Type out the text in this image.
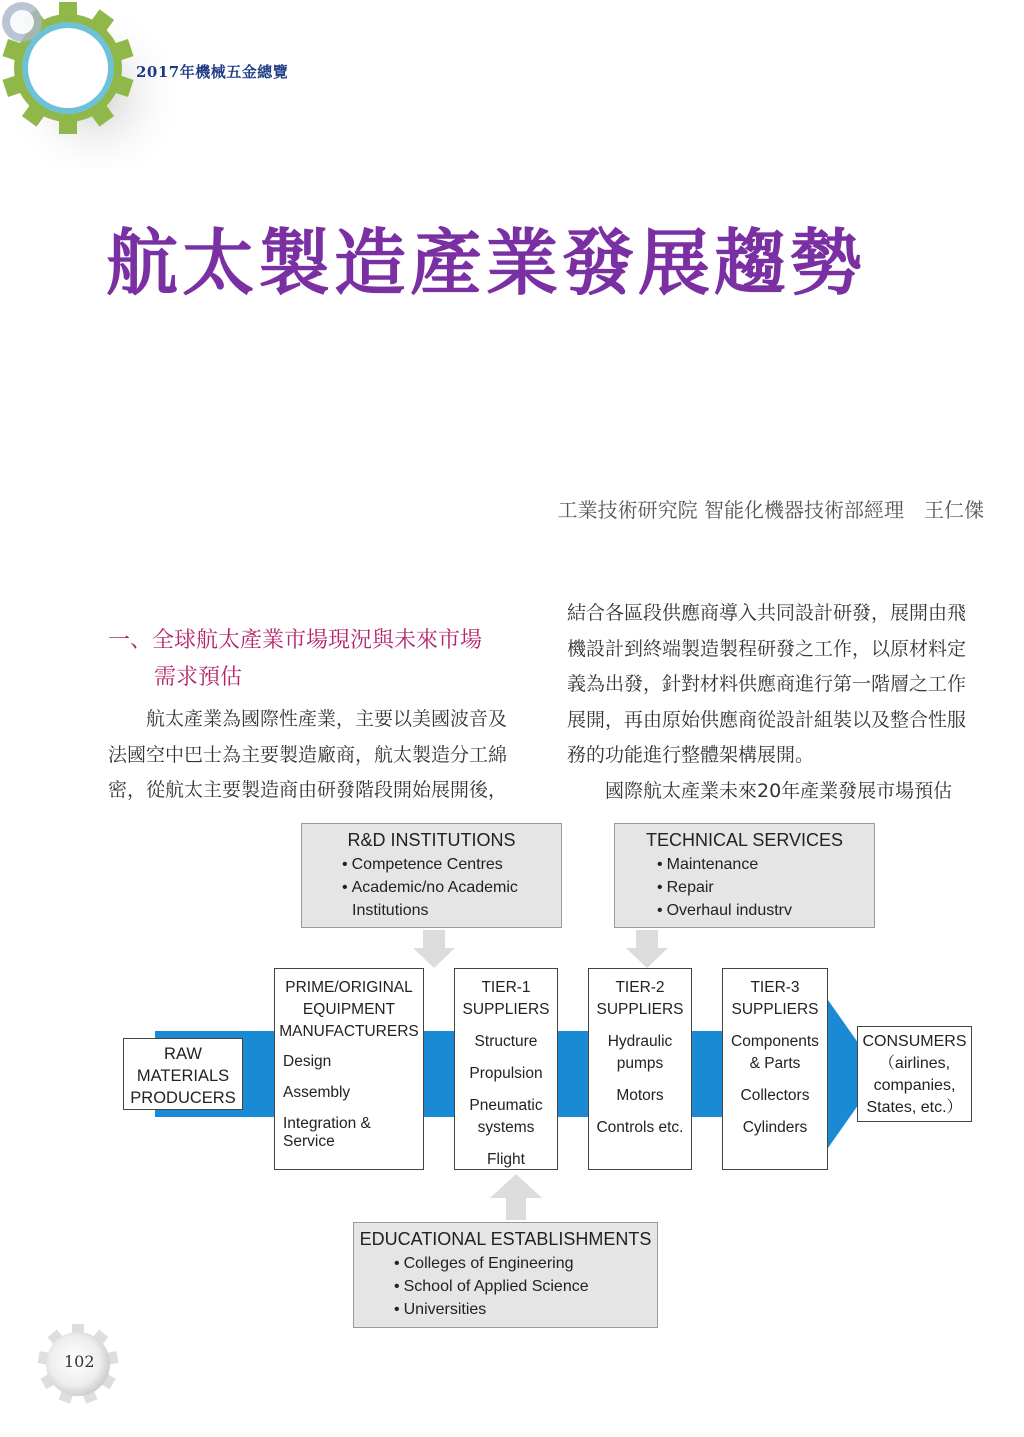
2017年機械五金總覽
航太製造產業發展趨勢
工業技術研究院 智能化機器技術部經理　王仁傑
一、全球航太產業市場現況與未來市場
需求預估

航太產業為國際性產業，主要以美國波音及

法國空中巴士為主要製造廠商，航太製造分工綿

密，從航太主要製造商由研發階段開始展開後，

結合各區段供應商導入共同設計研發，展開由飛

機設計到終端製造製程研發之工作，以原材料定

義為出發，針對材料供應商進行第一階層之工作

展開，再由原始供應商從設計組裝以及整合性服

務的功能進行整體架構展開。

國際航太產業未來20年產業發展市場預估

R&D INSTITUTIONS
• Competence Centres
• Academic/no Academic
Institutions
TECHNICAL SERVICES
• Maintenance
• Repair
• Overhaul industrv
RAW
MATERIALS
PRODUCERS
PRIME/ORIGINAL
EQUIPMENT
MANUFACTURERS
Design
Assembly
Integration & Service
TIER-1
SUPPLIERS
Structure
Propulsion
Pneumatic
systems
Flight
TIER-2
SUPPLIERS
Hydraulic
pumps
Motors
Controls etc.
TIER-3
SUPPLIERS
Components
& Parts
Collectors
Cylinders
CONSUMERS
（airlines,
companies,
States, etc.）
EDUCATIONAL ESTABLISHMENTS
• Colleges of Engineering
• School of Applied Science
• Universities
102
